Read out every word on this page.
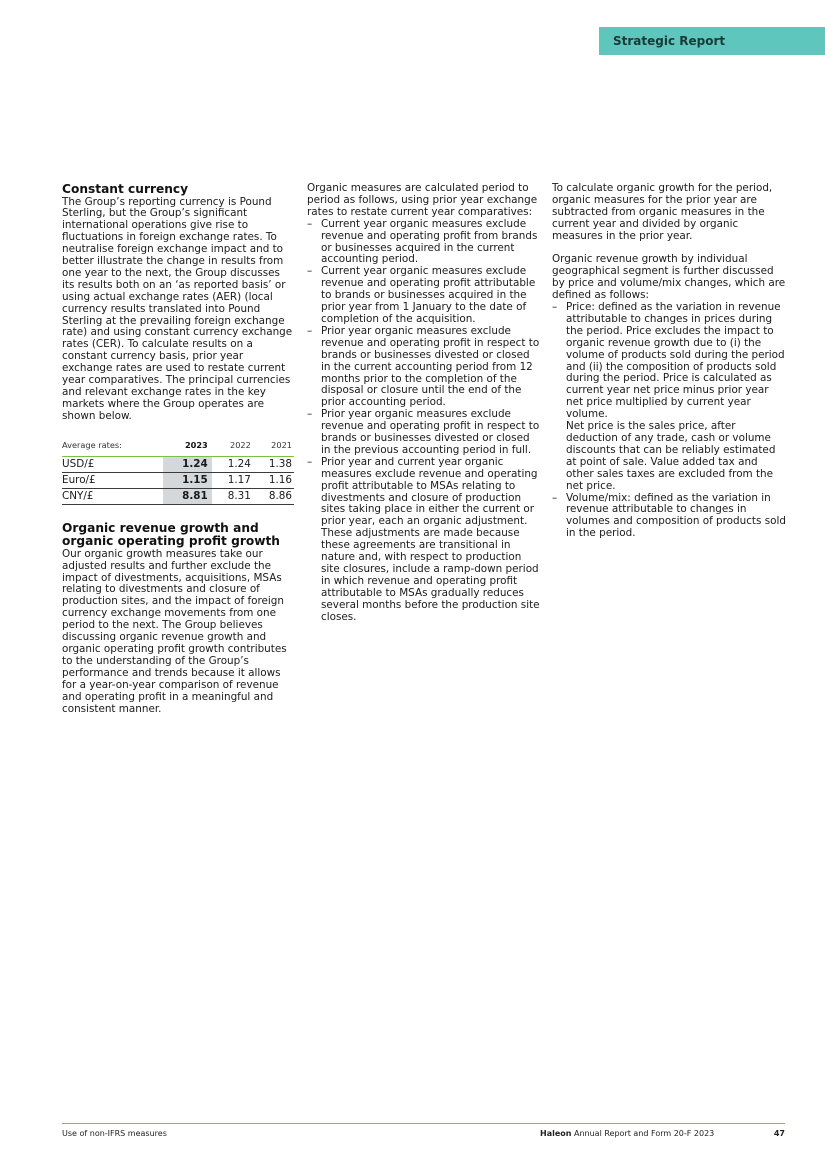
Strategic Report
Constant currency

The Group’s reporting currency is Pound Sterling, but the Group’s significant international operations give rise to fluctuations in foreign exchange rates. To neutralise foreign exchange impact and to better illustrate the change in results from one year to the next, the Group discusses its results both on an ‘as reported basis’ or using actual exchange rates (AER) (local currency results translated into Pound Sterling at the prevailing foreign exchange rate) and using constant currency exchange rates (CER). To calculate results on a constant currency basis, prior year exchange rates are used to restate current year comparatives. The principal currencies and relevant exchange rates in the key markets where the Group operates are shown below.

Average rates:	2023	2022	2021
USD/£	1.24	1.24	1.38
Euro/£	1.15	1.17	1.16
CNY/£	8.81	8.31	8.86
Organic revenue growth and organic operating profit growth

Our organic growth measures take our adjusted results and further exclude the impact of divestments, acquisitions, MSAs relating to divestments and closure of production sites, and the impact of foreign currency exchange movements from one period to the next. The Group believes discussing organic revenue growth and organic operating profit growth contributes to the understanding of the Group’s performance and trends because it allows for a year-on-year comparison of revenue and operating profit in a meaningful and consistent manner.

Organic measures are calculated period to period as follows, using prior year exchange rates to restate current year comparatives:

– Current year organic measures exclude revenue and operating profit from brands or businesses acquired in the current accounting period.
– Current year organic measures exclude revenue and operating profit attributable to brands or businesses acquired in the prior year from 1 January to the date of completion of the acquisition.
– Prior year organic measures exclude revenue and operating profit in respect to brands or businesses divested or closed in the current accounting period from 12 months prior to the completion of the disposal or closure until the end of the prior accounting period.
– Prior year organic measures exclude revenue and operating profit in respect to brands or businesses divested or closed in the previous accounting period in full.
– Prior year and current year organic measures exclude revenue and operating profit attributable to MSAs relating to divestments and closure of production sites taking place in either the current or prior year, each an organic adjustment. These adjustments are made because these agreements are transitional in nature and, with respect to production site closures, include a ramp-down period in which revenue and operating profit attributable to MSAs gradually reduces several months before the production site closes.

To calculate organic growth for the period, organic measures for the prior year are subtracted from organic measures in the current year and divided by organic measures in the prior year.

Organic revenue growth by individual geographical segment is further discussed by price and volume/mix changes, which are defined as follows:

– Price: defined as the variation in revenue attributable to changes in prices during the period. Price excludes the impact to organic revenue growth due to (i) the volume of products sold during the period and (ii) the composition of products sold during the period. Price is calculated as current year net price minus prior year net price multiplied by current year volume.
Net price is the sales price, after deduction of any trade, cash or volume discounts that can be reliably estimated at point of sale. Value added tax and other sales taxes are excluded from the net price.
– Volume/mix: defined as the variation in revenue attributable to changes in volumes and composition of products sold in the period.
Use of non-IFRS measures	Haleon Annual Report and Form 20-F 2023	47
